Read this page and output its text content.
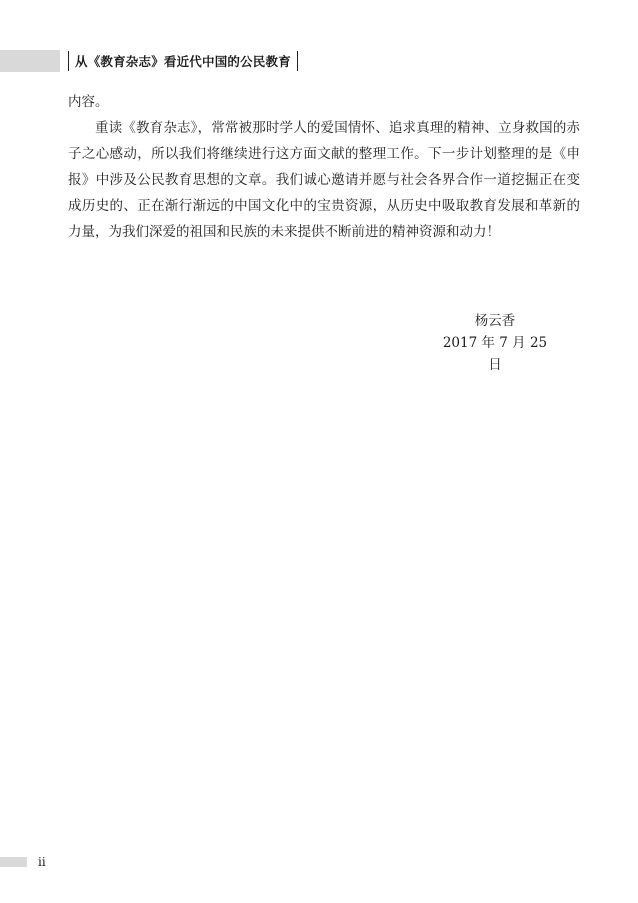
从《教育杂志》看近代中国的公民教育

内容。

重读《教育杂志》，常常被那时学人的爱国情怀、追求真理的精神、立身救国的赤子之心感动，所以我们将继续进行这方面文献的整理工作。下一步计划整理的是《申报》中涉及公民教育思想的文章。我们诚心邀请并愿与社会各界合作一道挖掘正在变成历史的、正在渐行渐远的中国文化中的宝贵资源，从历史中吸取教育发展和革新的力量，为我们深爱的祖国和民族的未来提供不断前进的精神资源和动力！

杨云香
2017 年 7 月 25 日
ii
